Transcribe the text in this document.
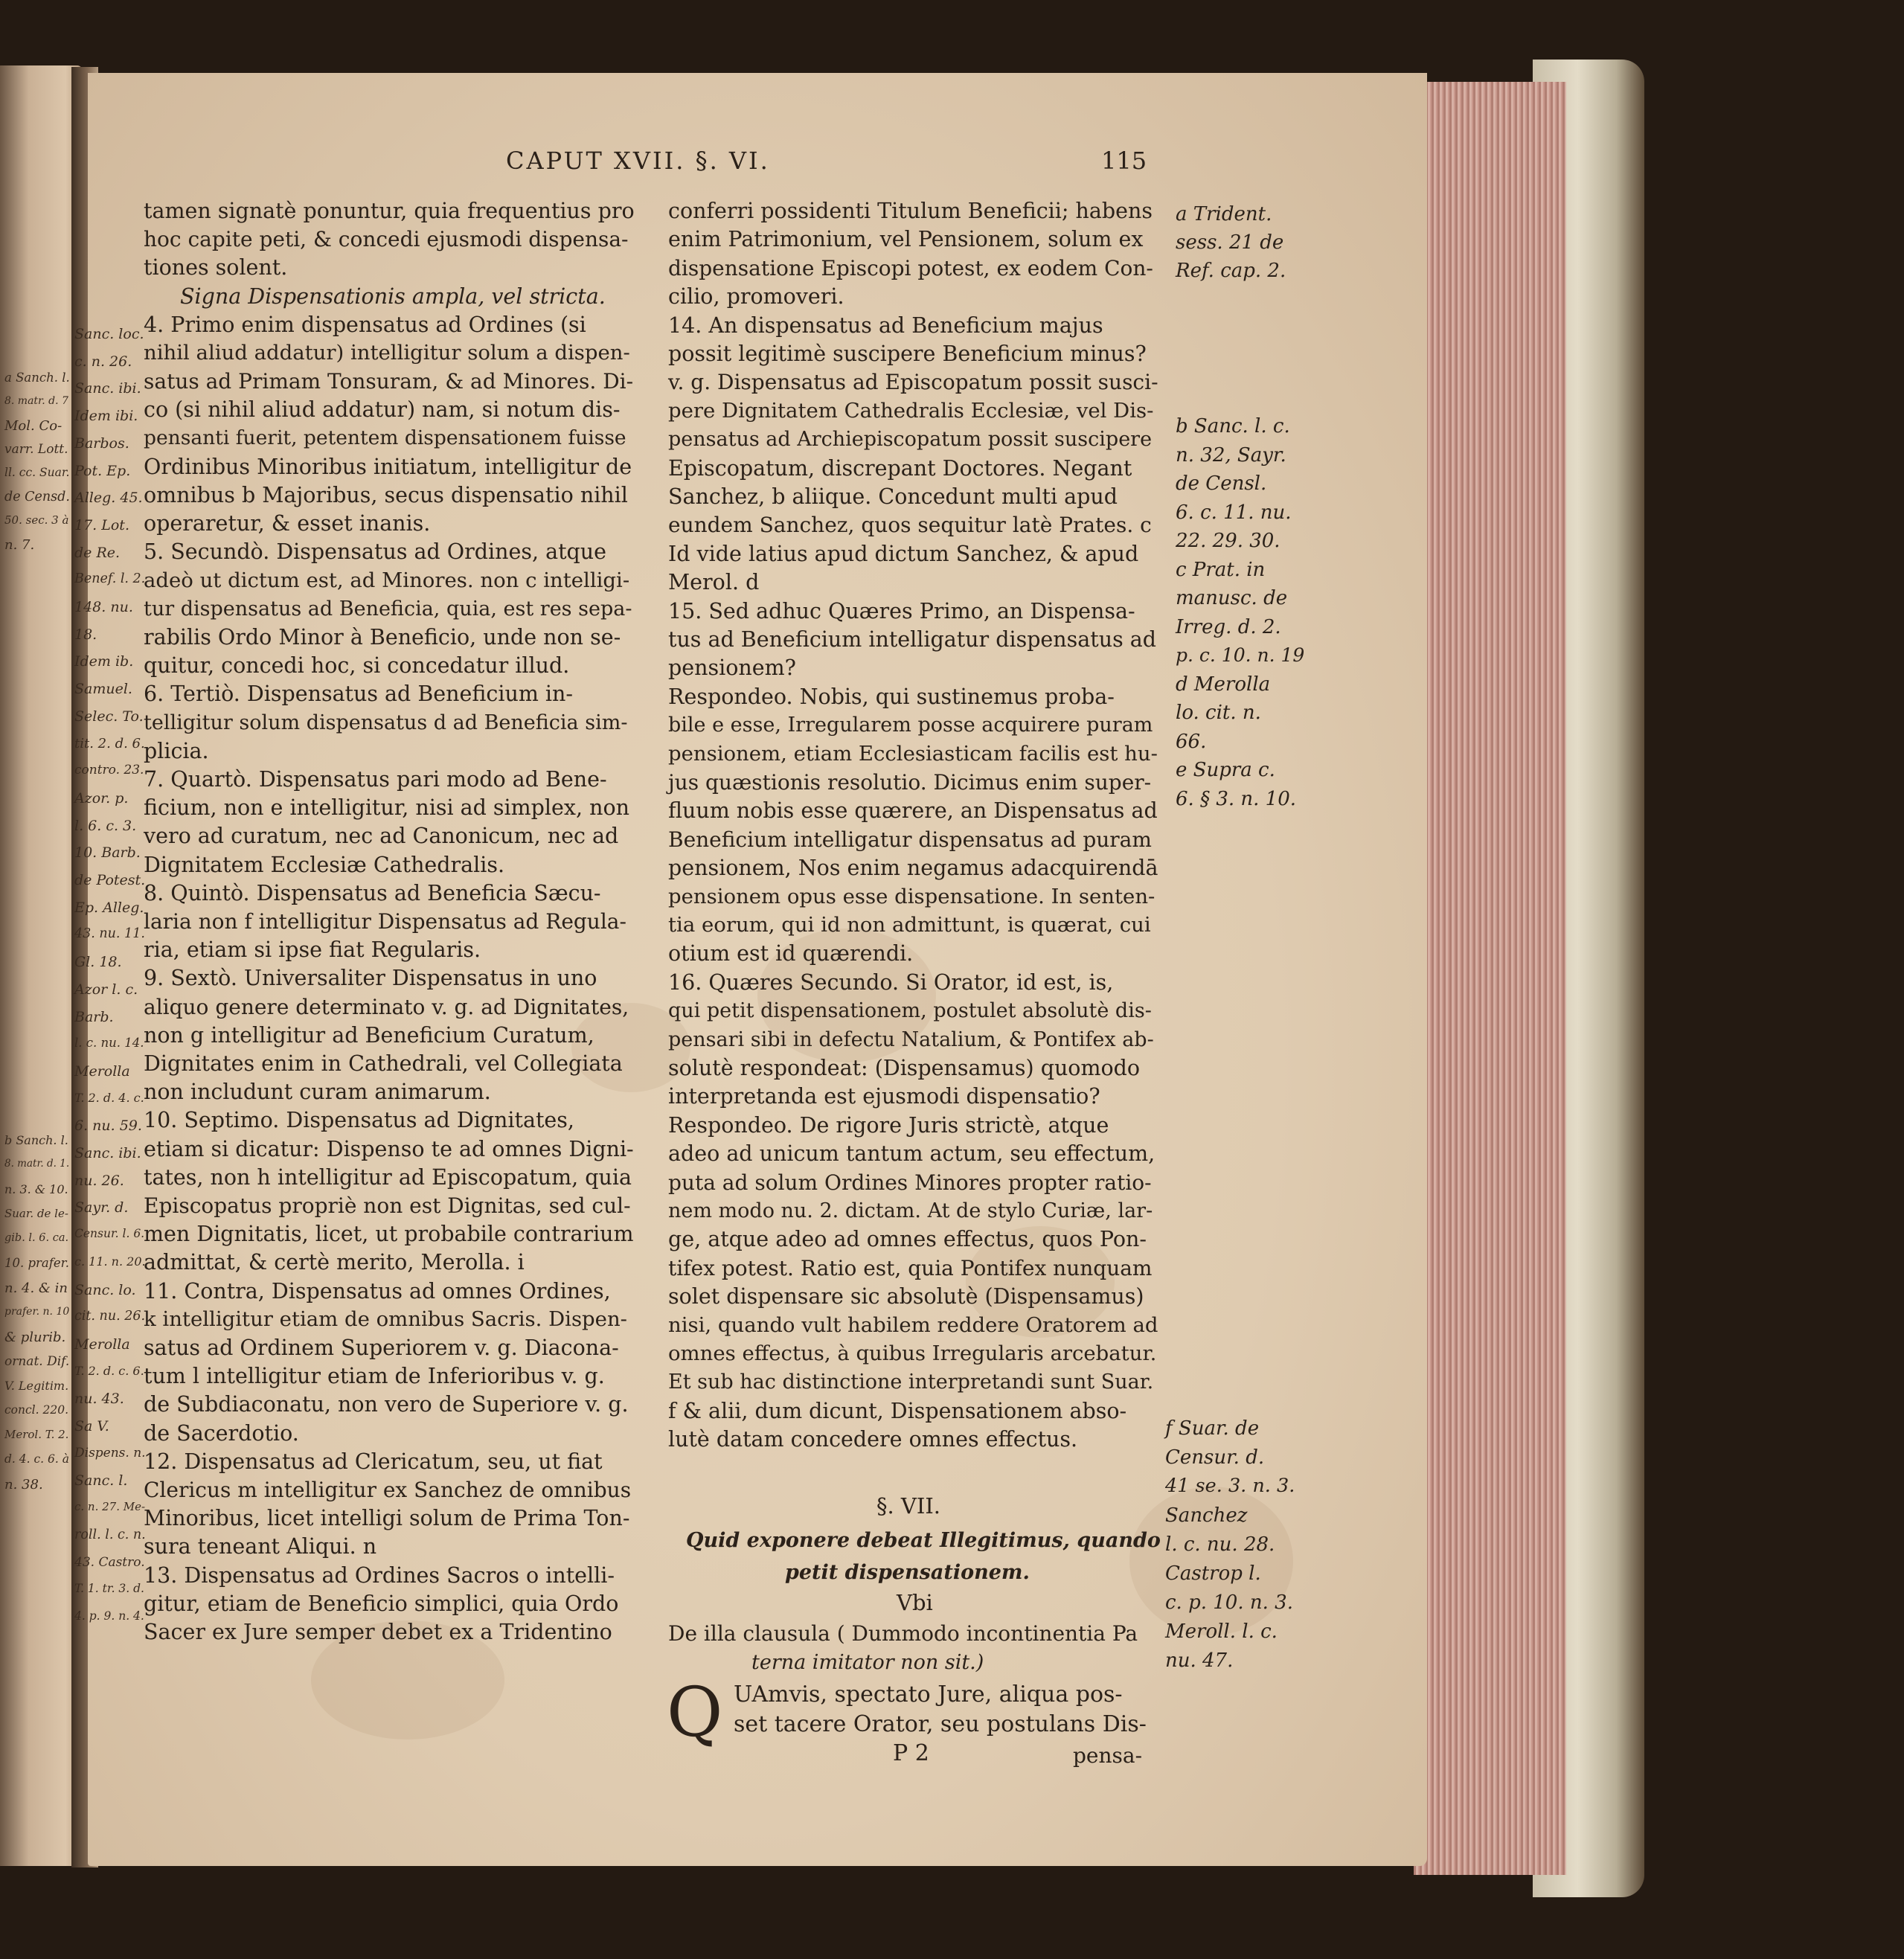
CAPUT XVII. §. VI.	115
a Sanch. l.
8. matr. d. 7
Mol. Co-
varr. Lott.
ll. cc. Suar.
de Censd.
50. sec. 3 à
n. 7.
b Sanch. l.
8. matr. d. 1.
n. 3. & 10.
Suar. de le-
gib. l. 6. ca.
10. prafer.
n. 4. & in
prafer. n. 10
& plurib.
ornat. Dif.
V. Legitim.
concl. 220.
Merol. T. 2.
d. 4. c. 6. à
n. 38.
Sanc. loc.
c. n. 26.
Sanc. ibi.
Idem ibi.
Barbos.
Pot. Ep.
Alleg. 45.
17. Lot.
de Re.
Benef. l. 2.
148. nu.
18.
Idem ib.
Samuel.
Selec. To.
tit. 2. d. 6.
contro. 23.
Azor. p.
l. 6. c. 3.
10. Barb.
de Potest.
Ep. Alleg.
43. nu. 11.
Gl. 18.
Azor l. c.
Barb.
l. c. nu. 14.
Merolla
T. 2. d. 4. c.
6. nu. 59.
Sanc. ibi.
nu. 26.
Sayr. d.
Censur. l. 6.
c. 11. n. 20.
Sanc. lo.
cit. nu. 26.
Merolla
T. 2. d. c. 6.
nu. 43.
Sa V.
Dispens. n.
Sanc. l.
c. n. 27. Me-
roll. l. c. n.
43. Castro.
T. 1. tr. 3. d.
4. p. 9. n. 4.
tamen signatè ponuntur, quia frequentius pro
hoc capite peti, & concedi ejusmodi dispensa-
tiones solent.
Signa Dispensationis ampla, vel stricta.
4. Primo enim dispensatus ad Ordines (si
nihil aliud addatur) intelligitur solum a dispen-
satus ad Primam Tonsuram, & ad Minores. Di-
co (si nihil aliud addatur) nam, si notum dis-
pensanti fuerit, petentem dispensationem fuisse
Ordinibus Minoribus initiatum, intelligitur de
omnibus b Majoribus, secus dispensatio nihil
operaretur, & esset inanis.
5. Secundò. Dispensatus ad Ordines, atque
adeò ut dictum est, ad Minores. non c intelligi-
tur dispensatus ad Beneficia, quia, est res sepa-
rabilis Ordo Minor à Beneficio, unde non se-
quitur, concedi hoc, si concedatur illud.
6. Tertiò. Dispensatus ad Beneficium in-
telligitur solum dispensatus d ad Beneficia sim-
plicia.
7. Quartò. Dispensatus pari modo ad Bene-
ficium, non e intelligitur, nisi ad simplex, non
vero ad curatum, nec ad Canonicum, nec ad
Dignitatem Ecclesiæ Cathedralis.
8. Quintò. Dispensatus ad Beneficia Sæcu-
laria non f intelligitur Dispensatus ad Regula-
ria, etiam si ipse fiat Regularis.
9. Sextò. Universaliter Dispensatus in uno
aliquo genere determinato v. g. ad Dignitates,
non g intelligitur ad Beneficium Curatum,
Dignitates enim in Cathedrali, vel Collegiata
non includunt curam animarum.
10. Septimo. Dispensatus ad Dignitates,
etiam si dicatur: Dispenso te ad omnes Digni-
tates, non h intelligitur ad Episcopatum, quia
Episcopatus propriè non est Dignitas, sed cul-
men Dignitatis, licet, ut probabile contrarium
admittat, & certè merito, Merolla. i
11. Contra, Dispensatus ad omnes Ordines,
k intelligitur etiam de omnibus Sacris. Dispen-
satus ad Ordinem Superiorem v. g. Diacona-
tum l intelligitur etiam de Inferioribus v. g.
de Subdiaconatu, non vero de Superiore v. g.
de Sacerdotio.
12. Dispensatus ad Clericatum, seu, ut fiat
Clericus m intelligitur ex Sanchez de omnibus
Minoribus, licet intelligi solum de Prima Ton-
sura teneant Aliqui. n
13. Dispensatus ad Ordines Sacros o intelli-
gitur, etiam de Beneficio simplici, quia Ordo
Sacer ex Jure semper debet ex a Tridentino
conferri possidenti Titulum Beneficii; habens
enim Patrimonium, vel Pensionem, solum ex
dispensatione Episcopi potest, ex eodem Con-
cilio, promoveri.
14. An dispensatus ad Beneficium majus
possit legitimè suscipere Beneficium minus?
v. g. Dispensatus ad Episcopatum possit susci-
pere Dignitatem Cathedralis Ecclesiæ, vel Dis-
pensatus ad Archiepiscopatum possit suscipere
Episcopatum, discrepant Doctores. Negant
Sanchez, b aliique. Concedunt multi apud
eundem Sanchez, quos sequitur latè Prates. c
Id vide latius apud dictum Sanchez, & apud
Merol. d
15. Sed adhuc Quæres Primo, an Dispensa-
tus ad Beneficium intelligatur dispensatus ad
pensionem?
Respondeo. Nobis, qui sustinemus proba-
bile e esse, Irregularem posse acquirere puram
pensionem, etiam Ecclesiasticam facilis est hu-
jus quæstionis resolutio. Dicimus enim super-
fluum nobis esse quærere, an Dispensatus ad
Beneficium intelligatur dispensatus ad puram
pensionem, Nos enim negamus adacquirendā
pensionem opus esse dispensatione. In senten-
tia eorum, qui id non admittunt, is quærat, cui
otium est id quærendi.
16. Quæres Secundo. Si Orator, id est, is,
qui petit dispensationem, postulet absolutè dis-
pensari sibi in defectu Natalium, & Pontifex ab-
solutè respondeat: (Dispensamus) quomodo
interpretanda est ejusmodi dispensatio?
Respondeo. De rigore Juris strictè, atque
adeo ad unicum tantum actum, seu effectum,
puta ad solum Ordines Minores propter ratio-
nem modo nu. 2. dictam. At de stylo Curiæ, lar-
ge, atque adeo ad omnes effectus, quos Pon-
tifex potest. Ratio est, quia Pontifex nunquam
solet dispensare sic absolutè (Dispensamus)
nisi, quando vult habilem reddere Oratorem ad
omnes effectus, à quibus Irregularis arcebatur.
Et sub hac distinctione interpretandi sunt Suar.
f & alii, dum dicunt, Dispensationem abso-
lutè datam concedere omnes effectus.
a Trident.
sess. 21 de
Ref. cap. 2.
b Sanc. l. c.
n. 32, Sayr.
de Censl.
6. c. 11. nu.
22. 29. 30.
c Prat. in
manusc. de
Irreg. d. 2.
p. c. 10. n. 19
d Merolla
lo. cit. n.
66.
e Supra c.
6. § 3. n. 10.
f Suar. de
Censur. d.
41 se. 3. n. 3.
Sanchez
l. c. nu. 28.
Castrop l.
c. p. 10. n. 3.
Meroll. l. c.
nu. 47.
§. VII.
Quid exponere debeat Illegitimus, quando
petit dispensationem.
Vbi
De illa clausula ( Dummodo incontinentia Pa
terna imitator non sit.)
Q UAmvis, spectato Jure, aliqua pos-
set tacere Orator, seu postulans Dis-
P 2	pensa-
